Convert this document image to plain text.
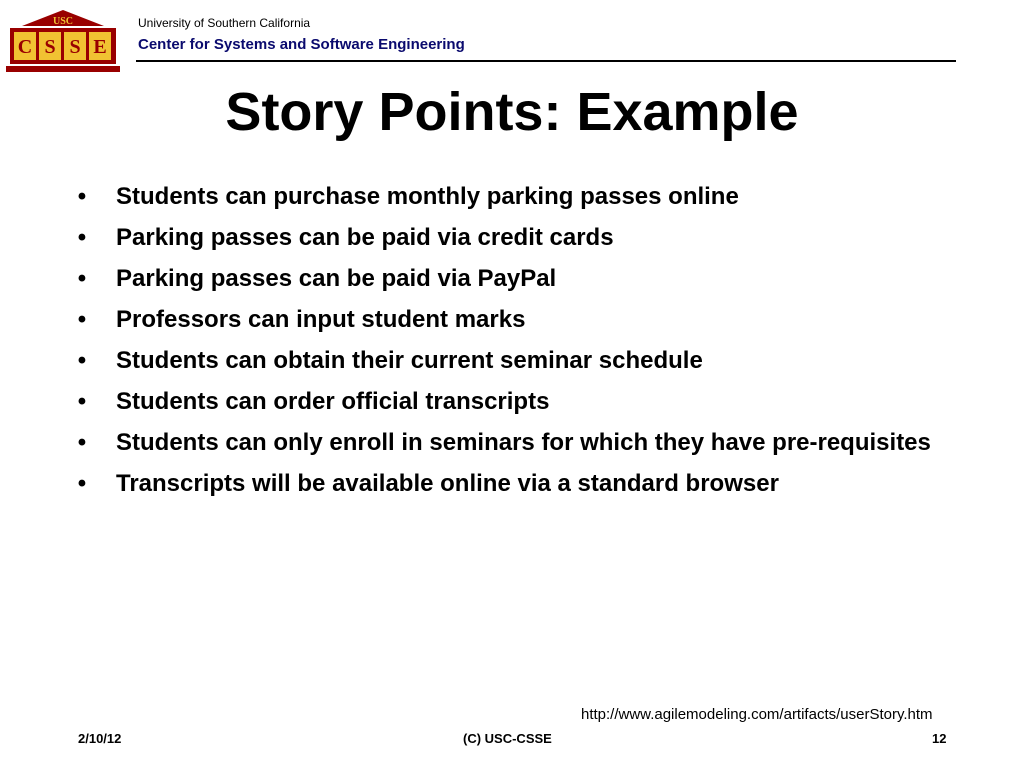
USC
C S S E
University of Southern California
Center for Systems and Software Engineering
Story Points: Example
• Students can purchase monthly parking passes online
• Parking passes can be paid via credit cards
• Parking passes can be paid via PayPal
• Professors can input student marks
• Students can obtain their current seminar schedule
• Students can order official transcripts
• Students can only enroll in seminars for which they have pre-requisites
• Transcripts will be available online via a standard browser
http://www.agilemodeling.com/artifacts/userStory.htm
2/10/12	(C) USC-CSSE	12
